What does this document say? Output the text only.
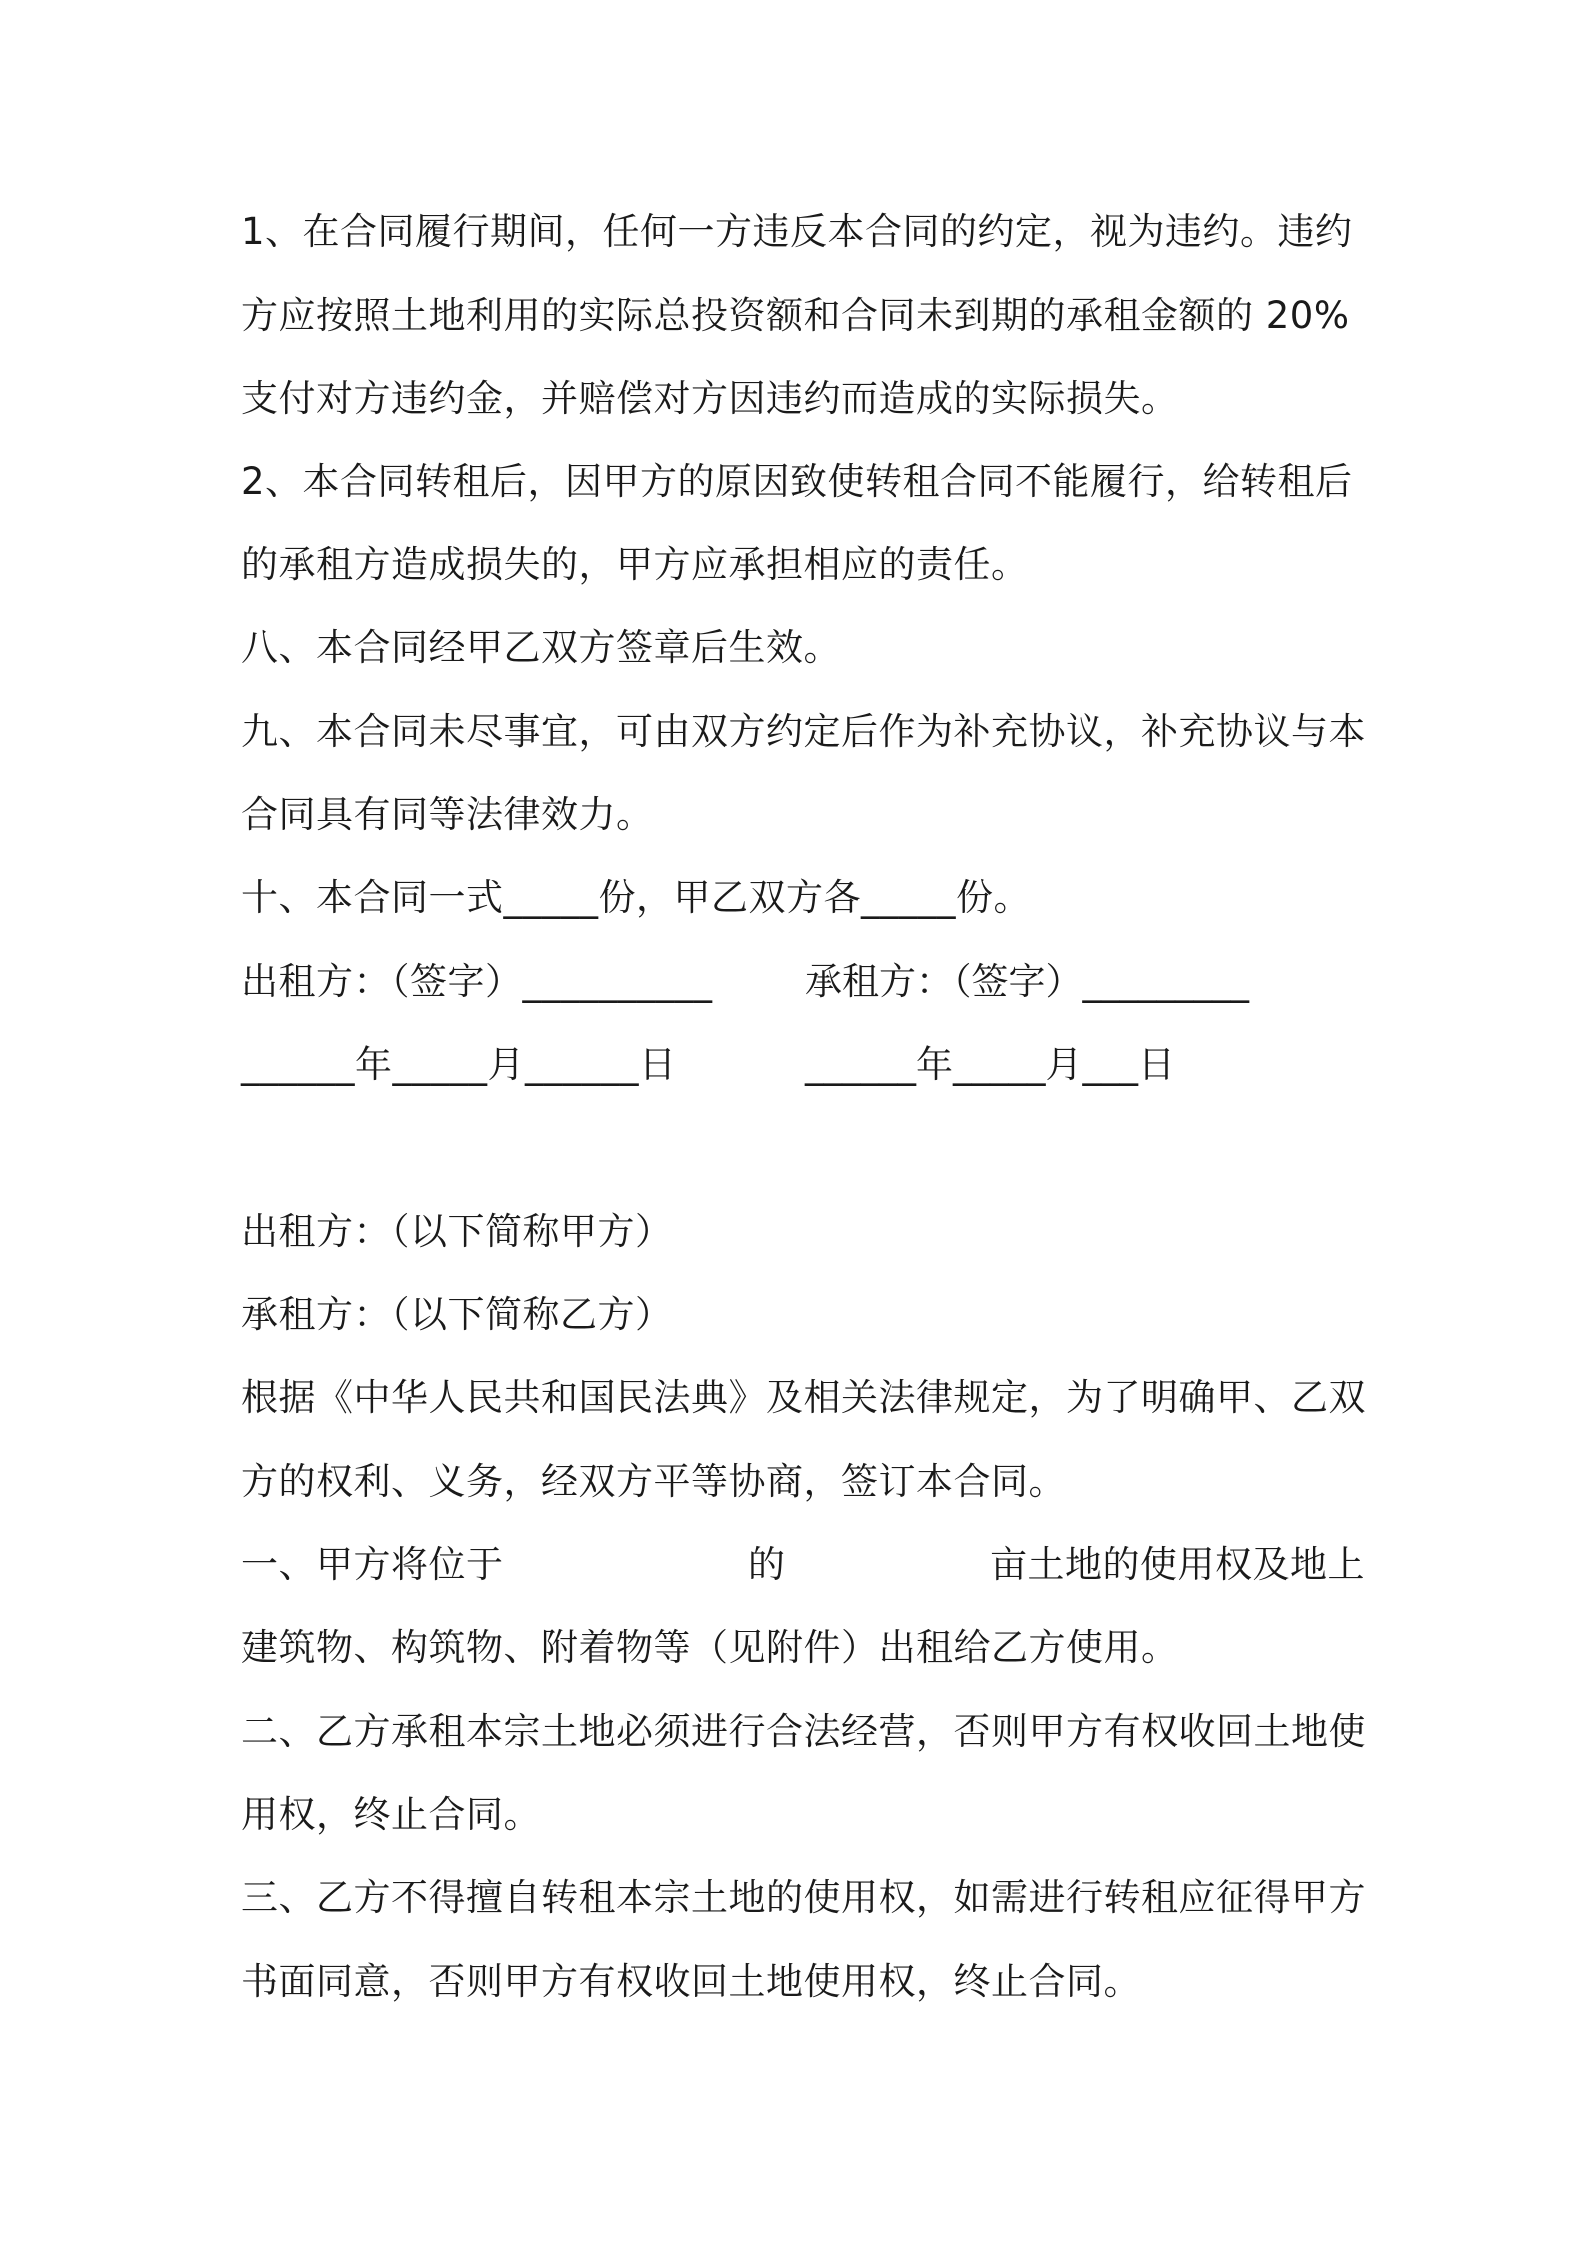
1、在合同履行期间，任何一方违反本合同的约定，视为违约。违约
方应按照土地利用的实际总投资额和合同未到期的承租金额的 20%
支付对方违约金，并赔偿对方因违约而造成的实际损失。
2、本合同转租后，因甲方的原因致使转租合同不能履行，给转租后
的承租方造成损失的，甲方应承担相应的责任。
八、本合同经甲乙双方签章后生效。
九、本合同未尽事宜，可由双方约定后作为补充协议，补充协议与本
合同具有同等法律效力。
十、本合同一式_____份，甲乙双方各_____份。
出租方：（签字）__________	承租方：（签字）_________
______年_____月______日	______年_____月___日
出租方：（以下简称甲方）
承租方：（以下简称乙方）
根据《中华人民共和国民法典》及相关法律规定，为了明确甲、乙双
方的权利、义务，经双方平等协商，签订本合同。
一、甲方将位于	的	亩土地的使用权及地上
建筑物、构筑物、附着物等（见附件）出租给乙方使用。
二、乙方承租本宗土地必须进行合法经营，否则甲方有权收回土地使
用权，终止合同。
三、乙方不得擅自转租本宗土地的使用权，如需进行转租应征得甲方
书面同意，否则甲方有权收回土地使用权，终止合同。
